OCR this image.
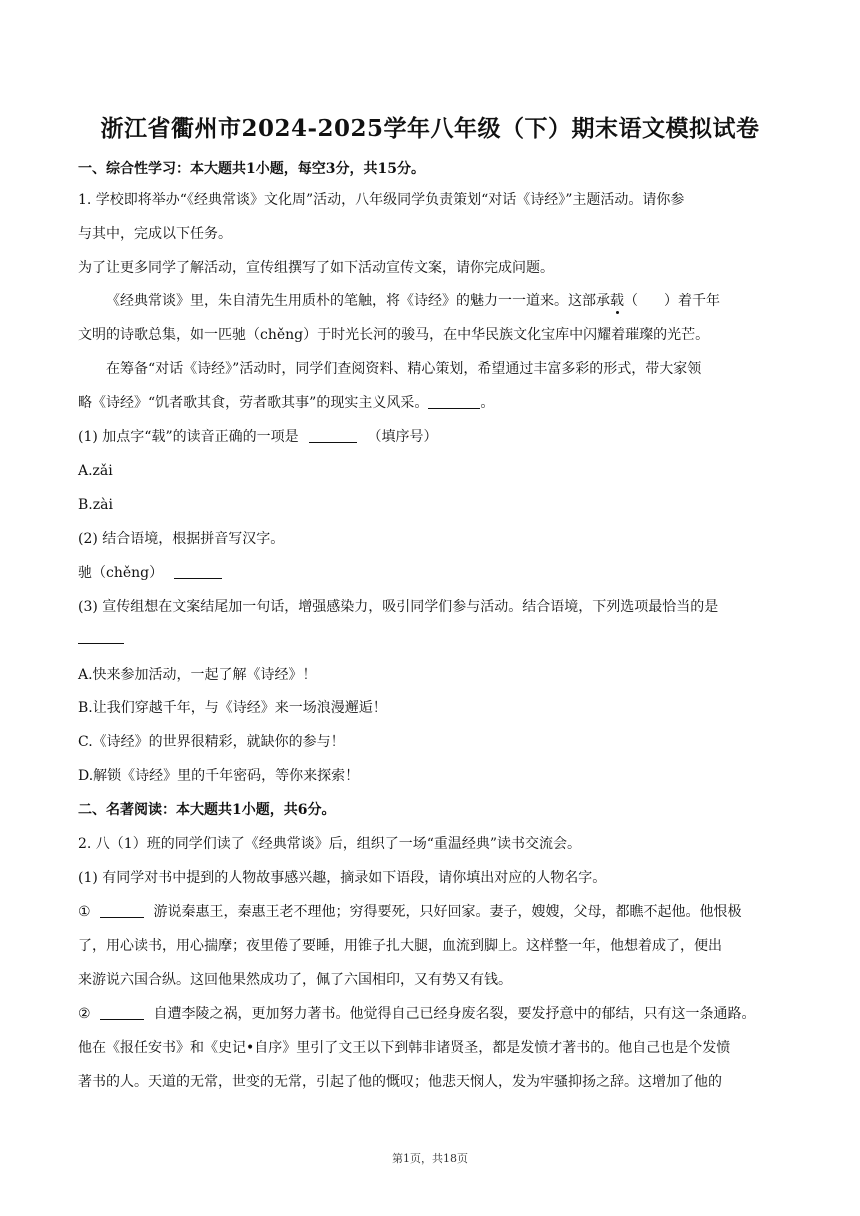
浙江省衢州市2024-2025学年八年级（下）期末语文模拟试卷
一、综合性学习：本大题共1小题，每空3分，共15分。
1. 学校即将举办“《经典常谈》文化周”活动，八年级同学负责策划“对话《诗经》”主题活动。请你参
与其中，完成以下任务。
为了让更多同学了解活动，宣传组撰写了如下活动宣传文案，请你完成问题。
《经典常谈》里，朱自清先生用质朴的笔触，将《诗经》的魅力一一道来。这部承载（ ）着千年
文明的诗歌总集，如一匹驰（chěng）于时光长河的骏马，在中华民族文化宝库中闪耀着璀璨的光芒。
在筹备“对话《诗经》”活动时，同学们查阅资料、精心策划，希望通过丰富多彩的形式，带大家领
略《诗经》“饥者歌其食，劳者歌其事”的现实主义风采。	。
(1) 加点字“载”的读音正确的一项是	（填序号）
A.zǎi
B.zài
(2) 结合语境，根据拼音写汉字。
驰（chěng）
(3) 宣传组想在文案结尾加一句话，增强感染力，吸引同学们参与活动。结合语境，下列选项最恰当的是
A.快来参加活动，一起了解《诗经》！
B.让我们穿越千年，与《诗经》来一场浪漫邂逅！
C.《诗经》的世界很精彩，就缺你的参与！
D.解锁《诗经》里的千年密码，等你来探索！
二、名著阅读：本大题共1小题，共6分。
2. 八（1）班的同学们读了《经典常谈》后，组织了一场“重温经典”读书交流会。
(1) 有同学对书中提到的人物故事感兴趣，摘录如下语段，请你填出对应的人物名字。
①	游说秦惠王，秦惠王老不理他；穷得要死，只好回家。妻子，嫂嫂，父母，都瞧不起他。他恨极
了，用心读书，用心揣摩；夜里倦了要睡，用锥子扎大腿，血流到脚上。这样整一年，他想着成了，便出
来游说六国合纵。这回他果然成功了，佩了六国相印，又有势又有钱。
②	自遭李陵之祸，更加努力著书。他觉得自己已经身废名裂，要发抒意中的郁结，只有这一条通路。
他在《报任安书》和《史记•自序》里引了文王以下到韩非诸贤圣，都是发愤才著书的。他自己也是个发愤
著书的人。天道的无常，世变的无常，引起了他的慨叹；他悲天悯人，发为牢骚抑扬之辞。这增加了他的
第1页，共18页
